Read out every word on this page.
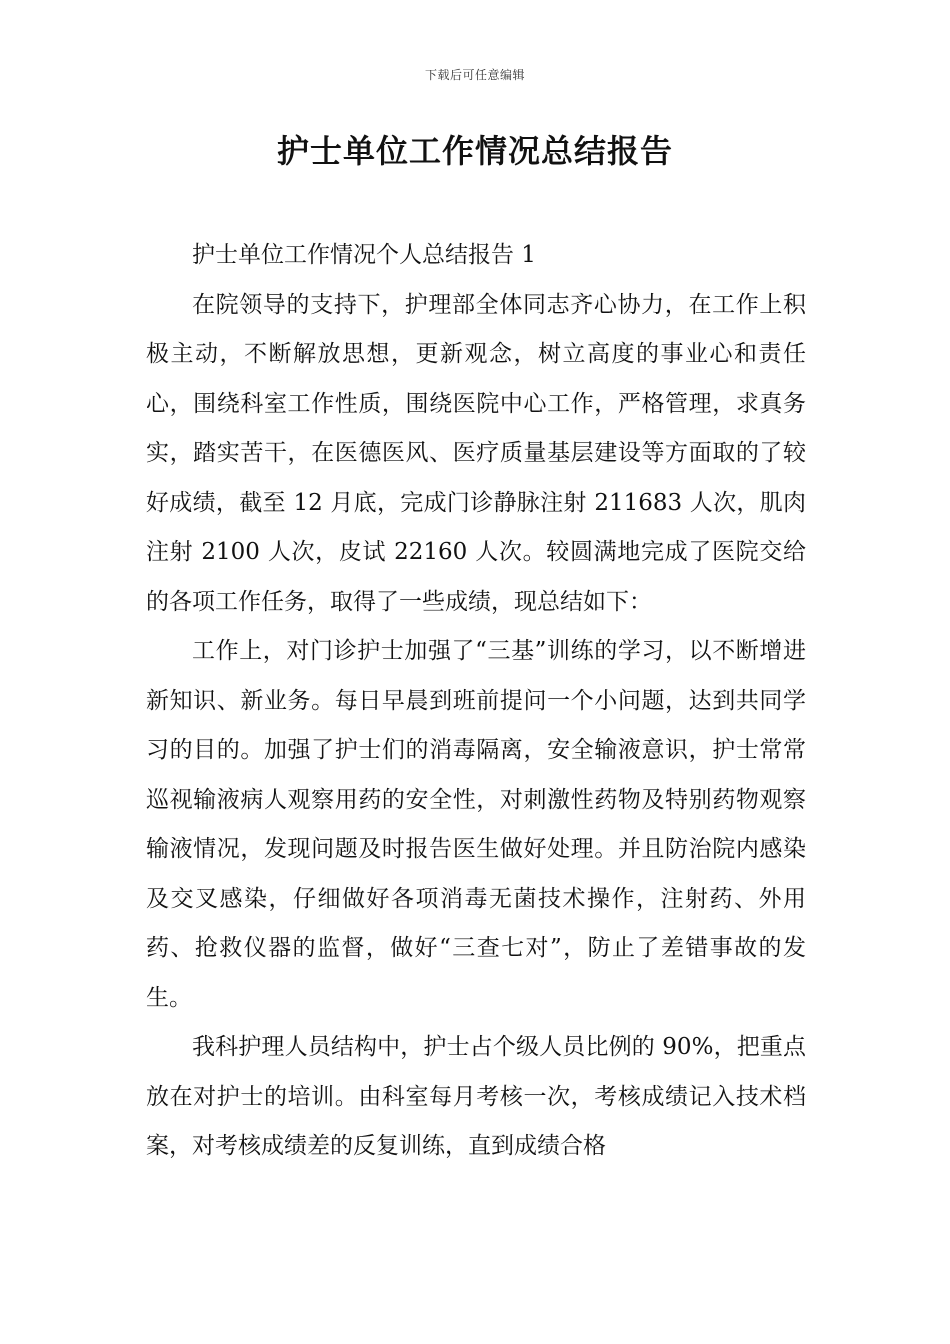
下载后可任意编辑
护士单位工作情况总结报告

护士单位工作情况个人总结报告 1

在院领导的支持下，护理部全体同志齐心协力，在工作上积极主动，不断解放思想，更新观念，树立高度的事业心和责任心，围绕科室工作性质，围绕医院中心工作，严格管理，求真务实，踏实苦干，在医德医风、医疗质量基层建设等方面取的了较好成绩，截至 12 月底，完成门诊静脉注射 211683 人次，肌肉注射 2100 人次，皮试 22160 人次。较圆满地完成了医院交给的各项工作任务，取得了一些成绩，现总结如下：

工作上，对门诊护士加强了“三基”训练的学习，以不断增进新知识、新业务。每日早晨到班前提问一个小问题，达到共同学习的目的。加强了护士们的消毒隔离，安全输液意识，护士常常巡视输液病人观察用药的安全性，对刺激性药物及特别药物观察输液情况，发现问题及时报告医生做好处理。并且防治院内感染及交叉感染，仔细做好各项消毒无菌技术操作，注射药、外用药、抢救仪器的监督，做好“三查七对”，防止了差错事故的发生。

我科护理人员结构中，护士占个级人员比例的 90%，把重点放在对护士的培训。由科室每月考核一次，考核成绩记入技术档案，对考核成绩差的反复训练，直到成绩合格
